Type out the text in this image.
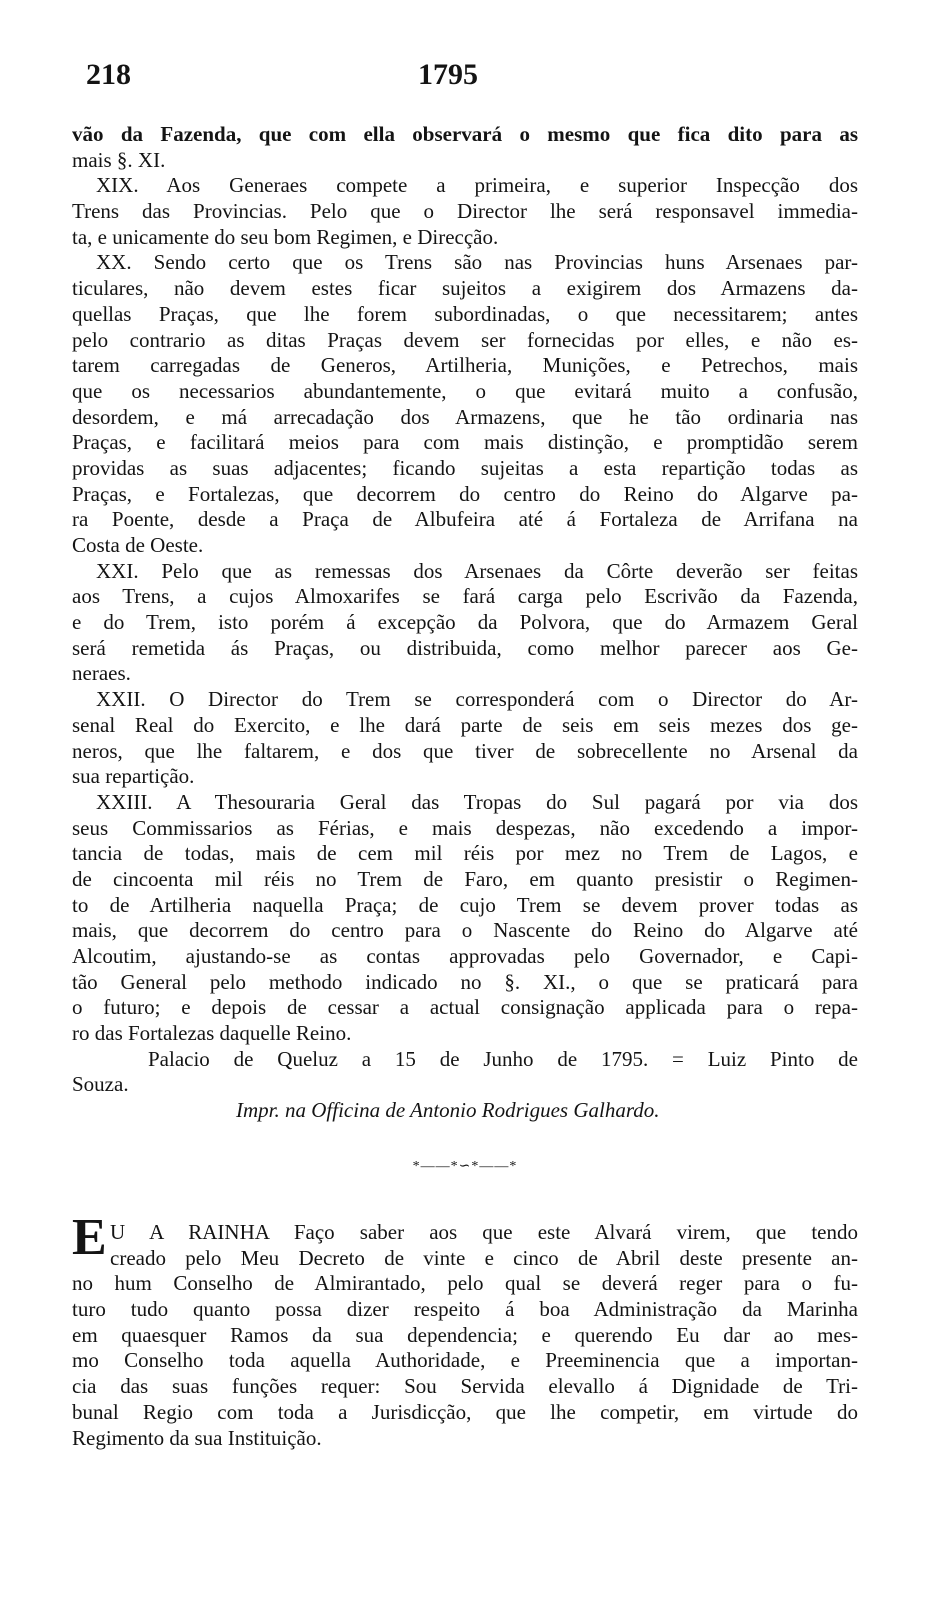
218	1795
vão da Fazenda, que com ella observará o mesmo que fica dito para as
mais §. XI.
XIX. Aos Generaes compete a primeira, e superior Inspecção dos
Trens das Provincias. Pelo que o Director lhe será responsavel immedia-
ta, e unicamente do seu bom Regimen, e Direcção.
XX. Sendo certo que os Trens são nas Provincias huns Arsenaes par-
ticulares, não devem estes ficar sujeitos a exigirem dos Armazens da-
quellas Praças, que lhe forem subordinadas, o que necessitarem; antes
pelo contrario as ditas Praças devem ser fornecidas por elles, e não es-
tarem carregadas de Generos, Artilheria, Munições, e Petrechos, mais
que os necessarios abundantemente, o que evitará muito a confusão,
desordem, e má arrecadação dos Armazens, que he tão ordinaria nas
Praças, e facilitará meios para com mais distinção, e promptidão serem
providas as suas adjacentes; ficando sujeitas a esta repartição todas as
Praças, e Fortalezas, que decorrem do centro do Reino do Algarve pa-
ra Poente, desde a Praça de Albufeira até á Fortaleza de Arrifana na
Costa de Oeste.
XXI. Pelo que as remessas dos Arsenaes da Côrte deverão ser feitas
aos Trens, a cujos Almoxarifes se fará carga pelo Escrivão da Fazenda,
e do Trem, isto porém á excepção da Polvora, que do Armazem Geral
será remetida ás Praças, ou distribuida, como melhor parecer aos Ge-
neraes.
XXII. O Director do Trem se corresponderá com o Director do Ar-
senal Real do Exercito, e lhe dará parte de seis em seis mezes dos ge-
neros, que lhe faltarem, e dos que tiver de sobrecellente no Arsenal da
sua repartição.
XXIII. A Thesouraria Geral das Tropas do Sul pagará por via dos
seus Commissarios as Férias, e mais despezas, não excedendo a impor-
tancia de todas, mais de cem mil réis por mez no Trem de Lagos, e
de cincoenta mil réis no Trem de Faro, em quanto presistir o Regimen-
to de Artilheria naquella Praça; de cujo Trem se devem prover todas as
mais, que decorrem do centro para o Nascente do Reino do Algarve até
Alcoutim, ajustando-se as contas approvadas pelo Governador, e Capi-
tão General pelo methodo indicado no §. XI., o que se praticará para
o futuro; e depois de cessar a actual consignação applicada para o repa-
ro das Fortalezas daquelle Reino.
Palacio de Queluz a 15 de Junho de 1795. = Luiz Pinto de
Souza.
Impr. na Officina de Antonio Rodrigues Galhardo.
*——*∽*——*
E U A RAINHA Faço saber aos que este Alvará virem, que tendo
creado pelo Meu Decreto de vinte e cinco de Abril deste presente an-
no hum Conselho de Almirantado, pelo qual se deverá reger para o fu-
turo tudo quanto possa dizer respeito á boa Administração da Marinha
em quaesquer Ramos da sua dependencia; e querendo Eu dar ao mes-
mo Conselho toda aquella Authoridade, e Preeminencia que a importan-
cia das suas funções requer: Sou Servida elevallo á Dignidade de Tri-
bunal Regio com toda a Jurisdicção, que lhe competir, em virtude do
Regimento da sua Instituição.
